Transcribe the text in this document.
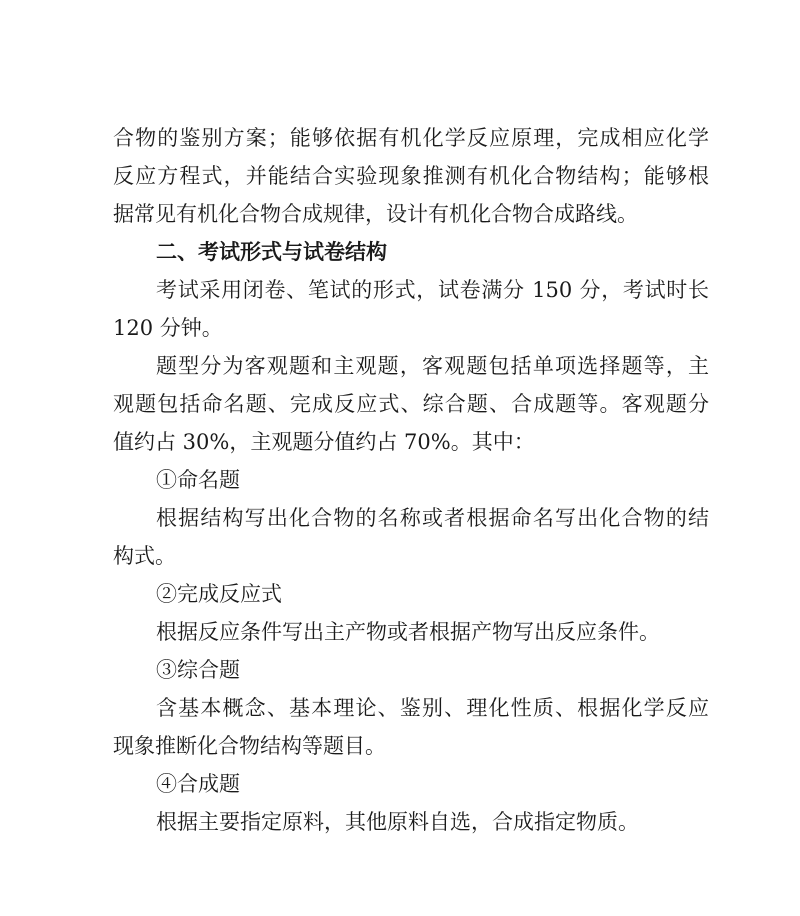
合物的鉴别方案；能够依据有机化学反应原理，完成相应化学
反应方程式，并能结合实验现象推测有机化合物结构；能够根
据常见有机化合物合成规律，设计有机化合物合成路线。
二、考试形式与试卷结构
考试采用闭卷、笔试的形式，试卷满分 150 分，考试时长
120 分钟。
题型分为客观题和主观题，客观题包括单项选择题等，主
观题包括命名题、完成反应式、综合题、合成题等。客观题分
值约占 30%，主观题分值约占 70%。其中：
①命名题
根据结构写出化合物的名称或者根据命名写出化合物的结
构式。
②完成反应式
根据反应条件写出主产物或者根据产物写出反应条件。
③综合题
含基本概念、基本理论、鉴别、理化性质、根据化学反应
现象推断化合物结构等题目。
④合成题
根据主要指定原料，其他原料自选，合成指定物质。
